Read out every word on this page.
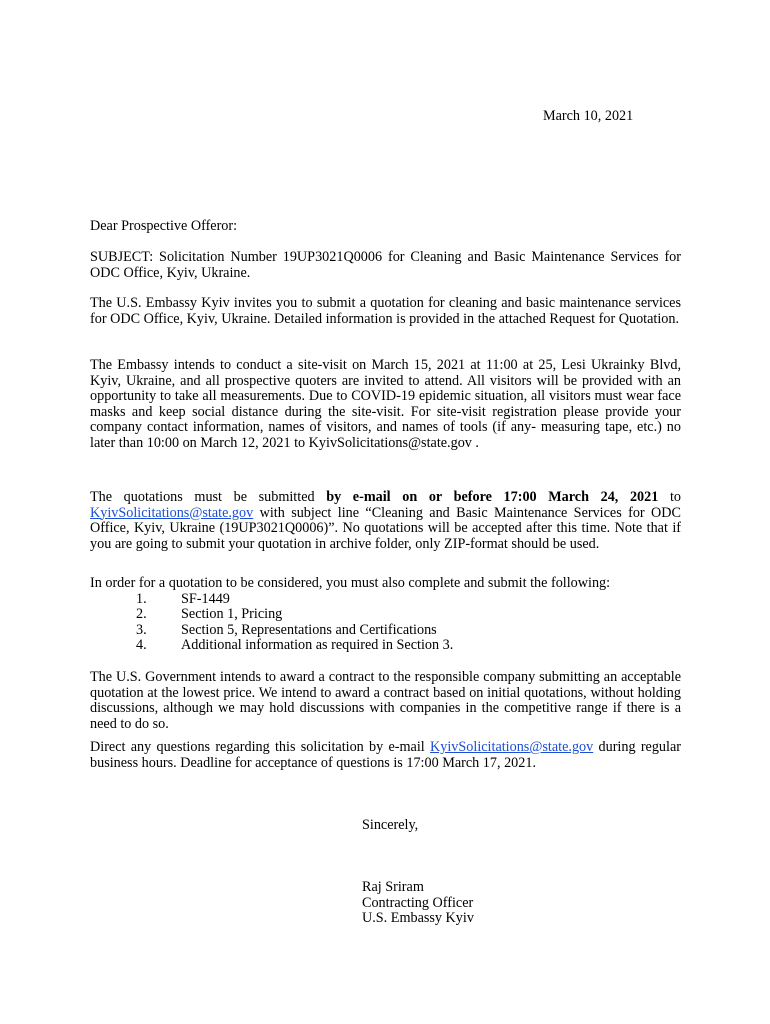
March 10, 2021

Dear Prospective Offeror:

SUBJECT: Solicitation Number 19UP3021Q0006 for Cleaning and Basic Maintenance Services for ODC Office, Kyiv, Ukraine.

The U.S. Embassy Kyiv invites you to submit a quotation for cleaning and basic maintenance services for ODC Office, Kyiv, Ukraine. Detailed information is provided in the attached Request for Quotation.

The Embassy intends to conduct a site-visit on March 15, 2021 at 11:00 at 25, Lesi Ukrainky Blvd, Kyiv, Ukraine, and all prospective quoters are invited to attend. All visitors will be provided with an opportunity to take all measurements. Due to COVID-19 epidemic situation, all visitors must wear face masks and keep social distance during the site-visit. For site-visit registration please provide your company contact information, names of visitors, and names of tools (if any- measuring tape, etc.) no later than 10:00 on March 12, 2021 to KyivSolicitations@state.gov .

The quotations must be submitted by e-mail on or before 17:00 March 24, 2021 to KyivSolicitations@state.gov with subject line “Cleaning and Basic Maintenance Services for ODC Office, Kyiv, Ukraine (19UP3021Q0006)”. No quotations will be accepted after this time. Note that if you are going to submit your quotation in archive folder, only ZIP-format should be used.

In order for a quotation to be considered, you must also complete and submit the following:

1.	SF-1449
2.	Section 1, Pricing
3.	Section 5, Representations and Certifications
4.	Additional information as required in Section 3.

The U.S. Government intends to award a contract to the responsible company submitting an acceptable quotation at the lowest price. We intend to award a contract based on initial quotations, without holding discussions, although we may hold discussions with companies in the competitive range if there is a need to do so.

Direct any questions regarding this solicitation by e-mail KyivSolicitations@state.gov during regular business hours. Deadline for acceptance of questions is 17:00 March 17, 2021.

Sincerely,
Raj Sriram
Contracting Officer
U.S. Embassy Kyiv
